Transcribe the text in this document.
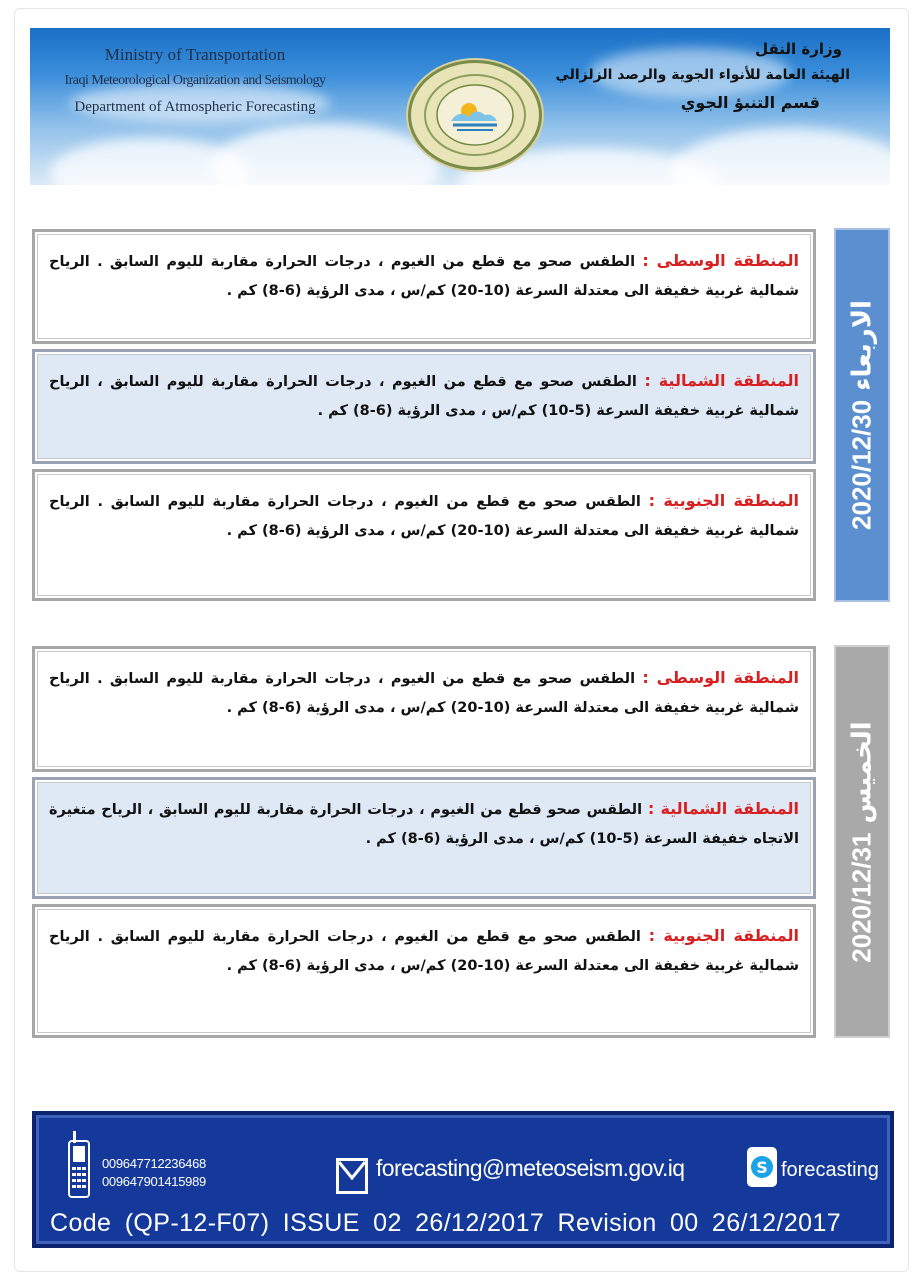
Ministry of Transportation
Iraqi Meteorological Organization and Seismology
Department of Atmospheric Forecasting
وزارة النقل
الهيئة العامة للأنواء الجوية والرصد الزلزالي
قسم التنبؤ الجوي
المنطقة الوسطى : الطقس صحو مع قطع من الغيوم ، درجات الحرارة مقاربة لليوم السابق . الرياح شمالية غربية خفيفة الى معتدلة السرعة (10-20) كم/س ، مدى الرؤية (6-8) كم .
المنطقة الشمالية : الطقس صحو مع قطع من الغيوم ، درجات الحرارة مقاربة لليوم السابق ، الرياح شمالية غربية خفيفة السرعة (5-10) كم/س ، مدى الرؤية (6-8) كم .
المنطقة الجنوبية : الطقس صحو مع قطع من الغيوم ، درجات الحرارة مقاربة لليوم السابق . الرياح شمالية غربية خفيفة الى معتدلة السرعة (10-20) كم/س ، مدى الرؤية (6-8) كم .
2020/12/30 الاربعاء
المنطقة الوسطى : الطقس صحو مع قطع من الغيوم ، درجات الحرارة مقاربة لليوم السابق . الرياح شمالية غربية خفيفة الى معتدلة السرعة (10-20) كم/س ، مدى الرؤية (6-8) كم .
المنطقة الشمالية : الطقس صحو قطع من الغيوم ، درجات الحرارة مقاربة لليوم السابق ، الرياح متغيرة الاتجاه خفيفة السرعة (5-10) كم/س ، مدى الرؤية (6-8) كم .
المنطقة الجنوبية : الطقس صحو مع قطع من الغيوم ، درجات الحرارة مقاربة لليوم السابق . الرياح شمالية غربية خفيفة الى معتدلة السرعة (10-20) كم/س ، مدى الرؤية (6-8) كم .
2020/12/31 الخميس
009647712236468
009647901415989
forecasting@meteoseism.gov.iq	S forecasting
Code (QP-12-F07) ISSUE 02 26/12/2017 Revision 00 26/12/2017
